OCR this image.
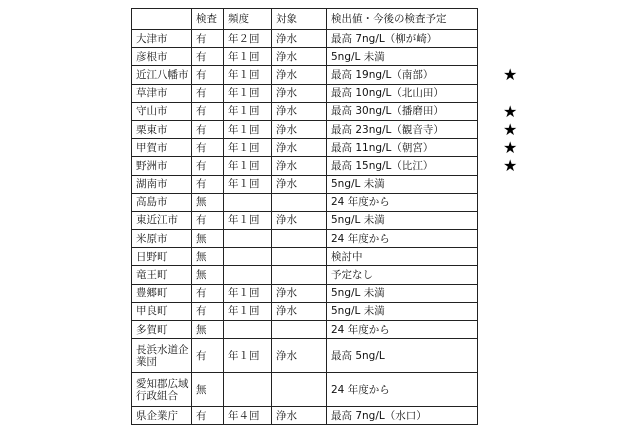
	検査	頻度	対象	検出値・今後の検査予定
大津市	有	年２回	浄水	最高 7ng/L（柳が崎）
彦根市	有	年１回	浄水	5ng/L 未満
近江八幡市	有	年１回	浄水	最高 19ng/L（南部）
草津市	有	年１回	浄水	最高 10ng/L（北山田）
守山市	有	年１回	浄水	最高 30ng/L（播磨田）
栗東市	有	年１回	浄水	最高 23ng/L（観音寺）
甲賀市	有	年１回	浄水	最高 11ng/L（朝宮）
野洲市	有	年１回	浄水	最高 15ng/L（比江）
湖南市	有	年１回	浄水	5ng/L 未満
高島市	無			24 年度から
東近江市	有	年１回	浄水	5ng/L 未満
米原市	無			24 年度から
日野町	無			検討中
竜王町	無			予定なし
豊郷町	有	年１回	浄水	5ng/L 未満
甲良町	有	年１回	浄水	5ng/L 未満
多賀町	無			24 年度から
長浜水道企業団	有	年１回	浄水	最高 5ng/L
愛知郡広域行政組合	無			24 年度から
県企業庁	有	年４回	浄水	最高 7ng/L（水口）
★
★
★
★
★
